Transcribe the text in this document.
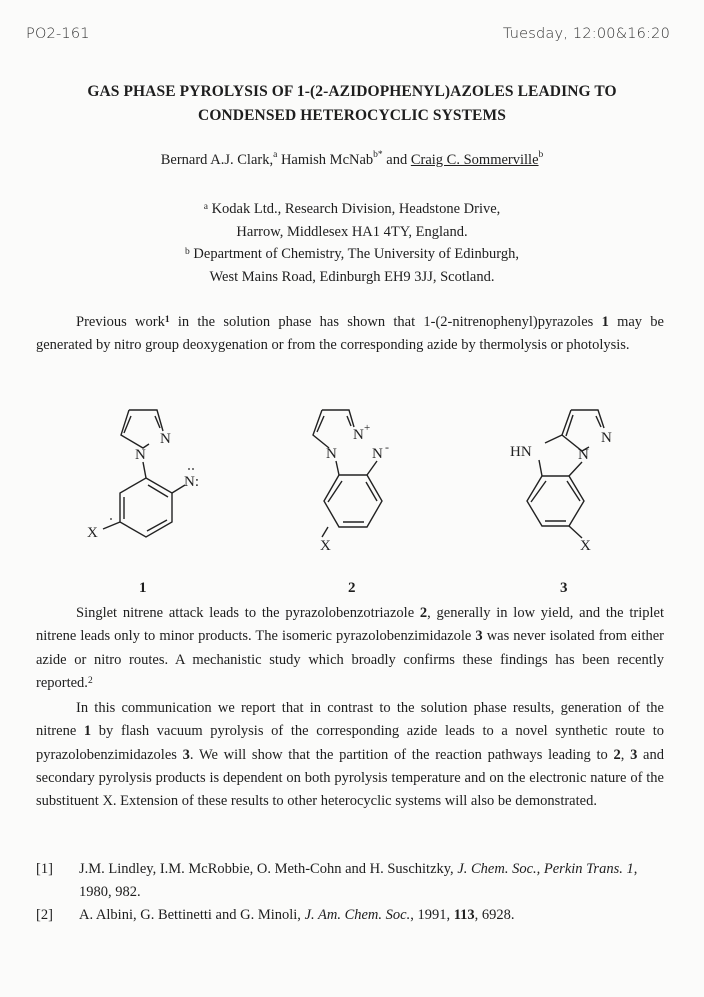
PO2-161	Tuesday, 12:00&16:20
GAS PHASE PYROLYSIS OF 1-(2-AZIDOPHENYL)AZOLES LEADING TO
CONDENSED HETEROCYCLIC SYSTEMS
Bernard A.J. Clark,$^a$ Hamish McNab$^{b*}$ and Craig C. Sommerville$^b$
$^a$ Kodak Ltd., Research Division, Headstone Drive,
Harrow, Middlesex HA1 4TY, England.
$^b$ Department of Chemistry, The University of Edinburgh,
West Mains Road, Edinburgh EH9 3JJ, Scotland.

Previous work$^1$ in the solution phase has shown that 1-(2-nitrenophenyl)pyrazoles 1 may be generated by nitro group deoxygenation or from the corresponding azide by thermolysis or photolysis.

N
N
N:
X
N +
N N -
X
HN	N
N
X
1	2	3

Singlet nitrene attack leads to the pyrazolobenzotriazole 2, generally in low yield, and the triplet nitrene leads only to minor products. The isomeric pyrazolobenzimidazole 3 was never isolated from either azide or nitro routes. A mechanistic study which broadly confirms these findings has been recently reported.$^2$

In this communication we report that in contrast to the solution phase results, generation of the nitrene 1 by flash vacuum pyrolysis of the corresponding azide leads to a novel synthetic route to pyrazolobenzimidazoles 3. We will show that the partition of the reaction pathways leading to 2, 3 and secondary pyrolysis products is dependent on both pyrolysis temperature and on the electronic nature of the substituent X. Extension of these results to other heterocyclic systems will also be demonstrated.

[1] J.M. Lindley, I.M. McRobbie, O. Meth-Cohn and H. Suschitzky, J. Chem. Soc., Perkin Trans. 1, 1980, 982.
[2] A. Albini, G. Bettinetti and G. Minoli, J. Am. Chem. Soc., 1991, 113, 6928.
